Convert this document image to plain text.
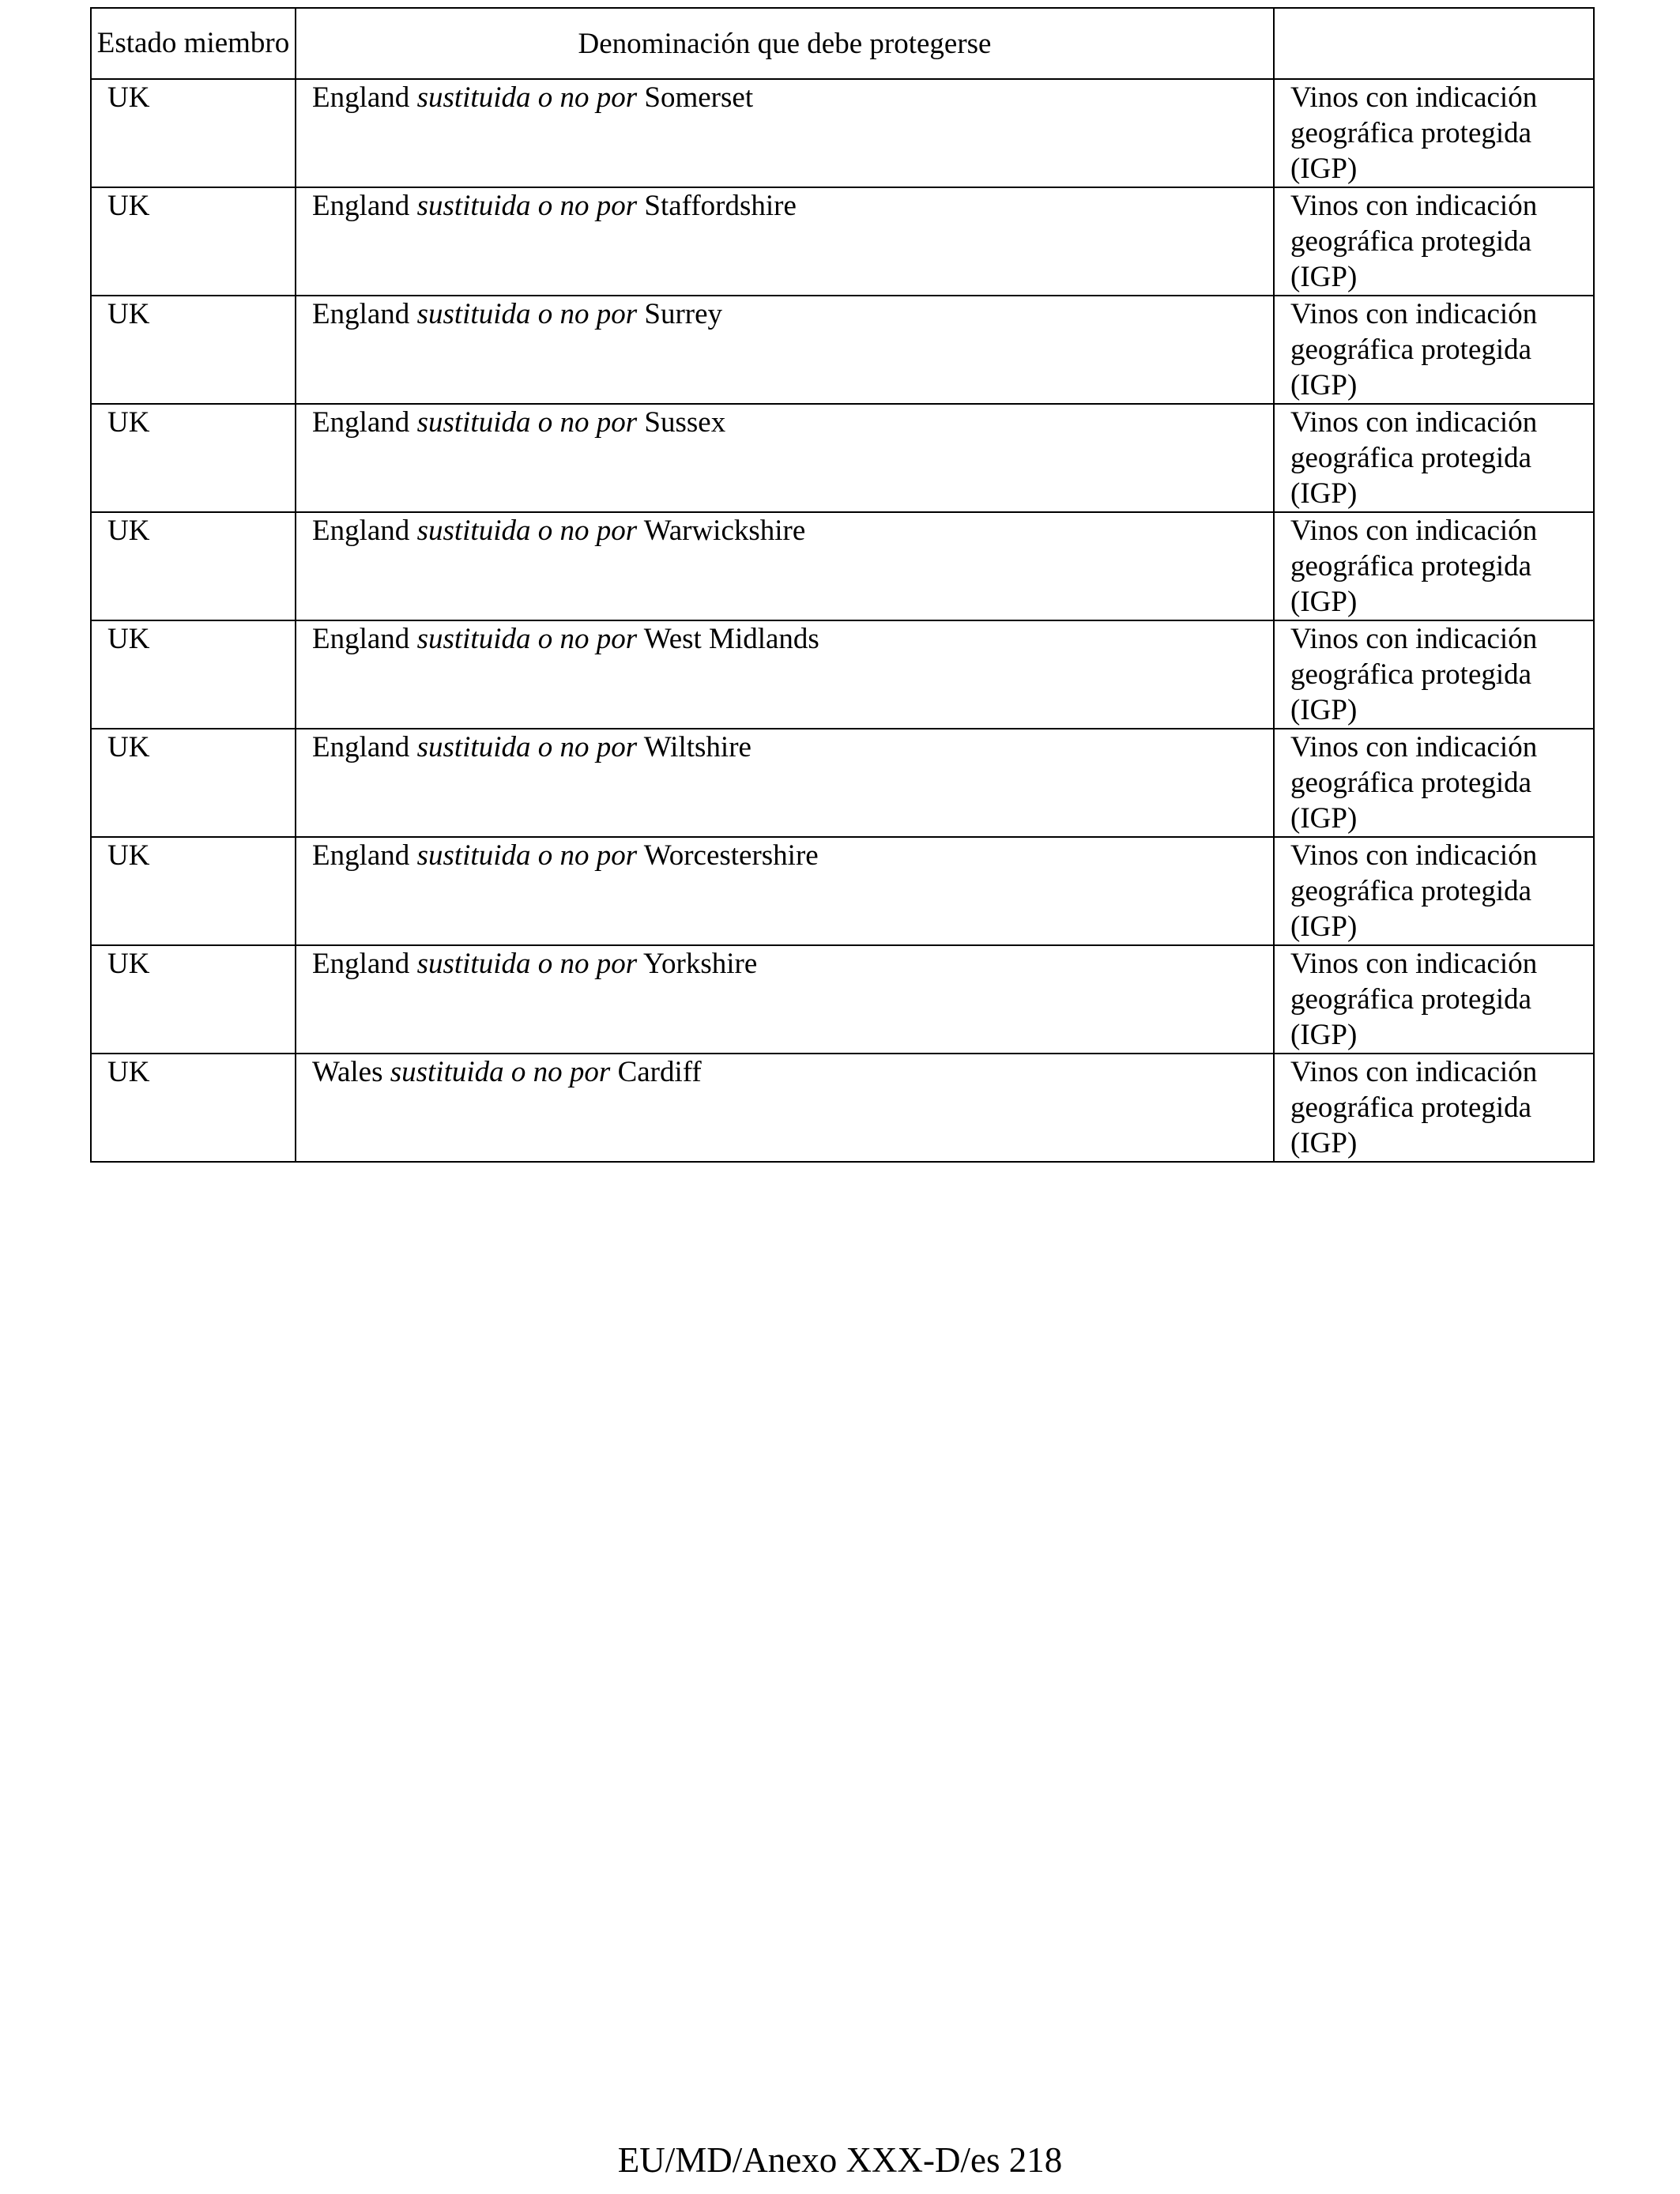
Estado miembro	Denominación que debe protegerse	
UK	England sustituida o no por Somerset	Vinos con indicación geográfica protegida (IGP)
UK	England sustituida o no por Staffordshire	Vinos con indicación geográfica protegida (IGP)
UK	England sustituida o no por Surrey	Vinos con indicación geográfica protegida (IGP)
UK	England sustituida o no por Sussex	Vinos con indicación geográfica protegida (IGP)
UK	England sustituida o no por Warwickshire	Vinos con indicación geográfica protegida (IGP)
UK	England sustituida o no por West Midlands	Vinos con indicación geográfica protegida (IGP)
UK	England sustituida o no por Wiltshire	Vinos con indicación geográfica protegida (IGP)
UK	England sustituida o no por Worcestershire	Vinos con indicación geográfica protegida (IGP)
UK	England sustituida o no por Yorkshire	Vinos con indicación geográfica protegida (IGP)
UK	Wales sustituida o no por Cardiff	Vinos con indicación geográfica protegida (IGP)
EU/MD/Anexo XXX-D/es 218
